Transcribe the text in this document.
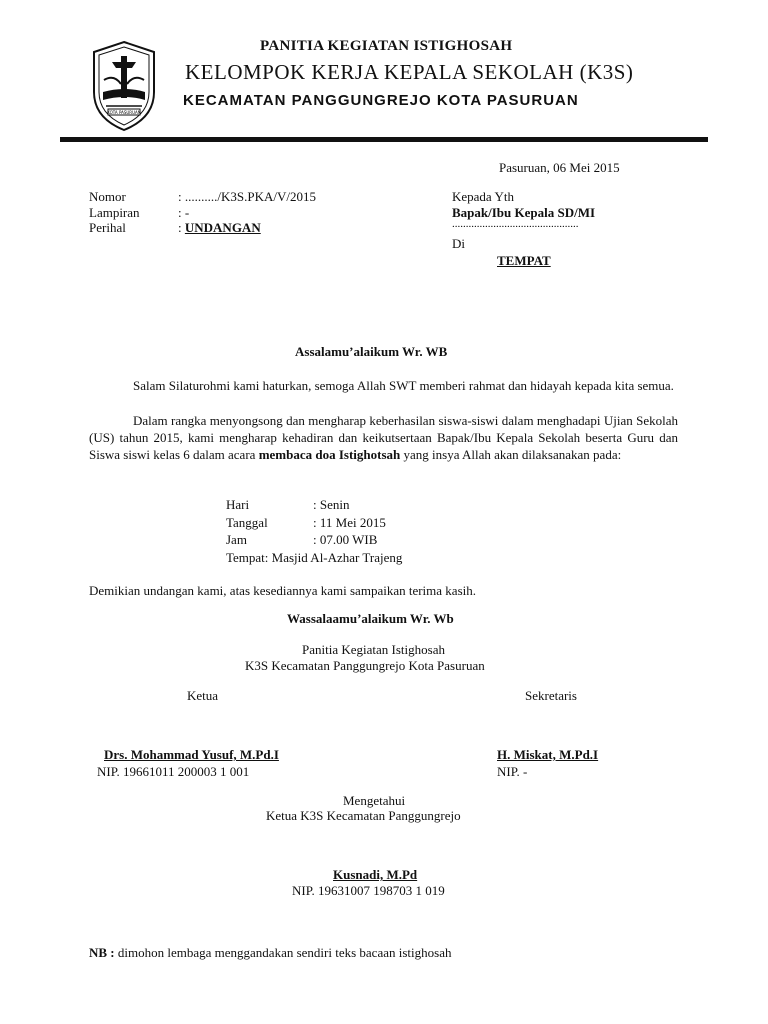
KOTA PASURUAN
PANITIA KEGIATAN ISTIGHOSAH
KELOMPOK KERJA KEPALA SEKOLAH (K3S)
KECAMATAN PANGGUNGREJO KOTA PASURUAN
Pasuruan, 06 Mei 2015
Nomor	: ........../K3S.PKA/V/2015
Lampiran	: -
Perihal	: UNDANGAN
Kepada Yth
Bapak/Ibu Kepala SD/MI
..............................................
Di
TEMPAT
Assalamu’alaikum Wr. WB
Salam Silaturohmi kami haturkan, semoga Allah SWT memberi rahmat dan hidayah kepada kita semua.
Dalam rangka menyongsong dan mengharap keberhasilan siswa-siswi dalam menghadapi Ujian Sekolah (US) tahun 2015, kami mengharap kehadiran dan keikutsertaan Bapak/Ibu Kepala Sekolah beserta Guru dan Siswa siswi kelas 6 dalam acara membaca doa Istighotsah yang insya Allah akan dilaksanakan pada:
Hari	: Senin
Tanggal	: 11 Mei 2015
Jam	: 07.00 WIB
Tempat: Masjid Al-Azhar Trajeng
Demikian undangan kami, atas kesediannya kami sampaikan terima kasih.
Wassalaamu’alaikum Wr. Wb
Panitia Kegiatan Istighosah
K3S Kecamatan Panggungrejo Kota Pasuruan
Ketua	Sekretaris
Drs. Mohammad Yusuf, M.Pd.I
NIP. 19661011 200003 1 001
H. Miskat, M.Pd.I
NIP. -
Mengetahui
Ketua K3S Kecamatan Panggungrejo
Kusnadi, M.Pd
NIP. 19631007 198703 1 019
NB : dimohon lembaga menggandakan sendiri teks bacaan istighosah
